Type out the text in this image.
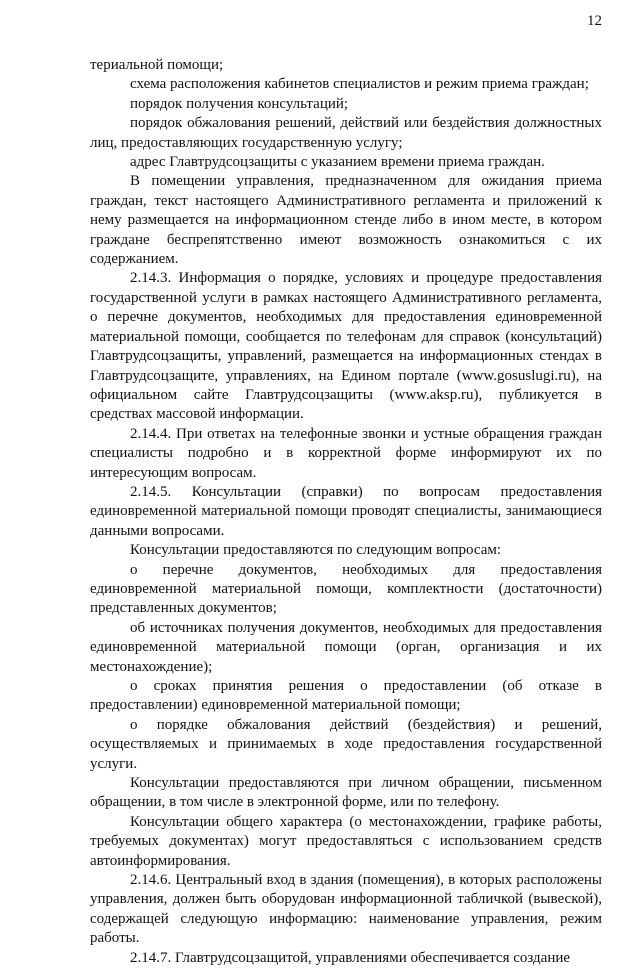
12

териальной помощи;

схема расположения кабинетов специалистов и режим приема граждан;

порядок получения консультаций;

порядок обжалования решений, действий или бездействия должностных лиц, предоставляющих государственную услугу;

адрес Главтрудсоцзащиты с указанием времени приема граждан.

В помещении управления, предназначенном для ожидания приема граждан, текст настоящего Административного регламента и приложений к нему размещается на информационном стенде либо в ином месте, в котором граждане беспрепятственно имеют возможность ознакомиться с их содержанием.

2.14.3. Информация о порядке, условиях и процедуре предоставления государственной услуги в рамках настоящего Административного регламента, о перечне документов, необходимых для предоставления единовременной материальной помощи, сообщается по телефонам для справок (консультаций) Главтрудсоцзащиты, управлений, размещается на информационных стендах в Главтрудсоцзащите, управлениях, на Едином портале (www.gosuslugi.ru), на официальном сайте Главтрудсоцзащиты (www.aksp.ru), публикуется в средствах массовой информации.

2.14.4. При ответах на телефонные звонки и устные обращения граждан специалисты подробно и в корректной форме информируют их по интересующим вопросам.

2.14.5. Консультации (справки) по вопросам предоставления единовременной материальной помощи проводят специалисты, занимающиеся данными вопросами.

Консультации предоставляются по следующим вопросам:

о перечне документов, необходимых для предоставления единовременной материальной помощи, комплектности (достаточности) представленных документов;

об источниках получения документов, необходимых для предоставления единовременной материальной помощи (орган, организация и их местонахождение);

о сроках принятия решения о предоставлении (об отказе в предоставлении) единовременной материальной помощи;

о порядке обжалования действий (бездействия) и решений, осуществляемых и принимаемых в ходе предоставления государственной услуги.

Консультации предоставляются при личном обращении, письменном обращении, в том числе в электронной форме, или по телефону.

Консультации общего характера (о местонахождении, графике работы, требуемых документах) могут предоставляться с использованием средств автоинформирования.

2.14.6. Центральный вход в здания (помещения), в которых расположены управления, должен быть оборудован информационной табличкой (вывеской), содержащей следующую информацию: наименование управления, режим работы.

2.14.7. Главтрудсоцзащитой, управлениями обеспечивается создание
